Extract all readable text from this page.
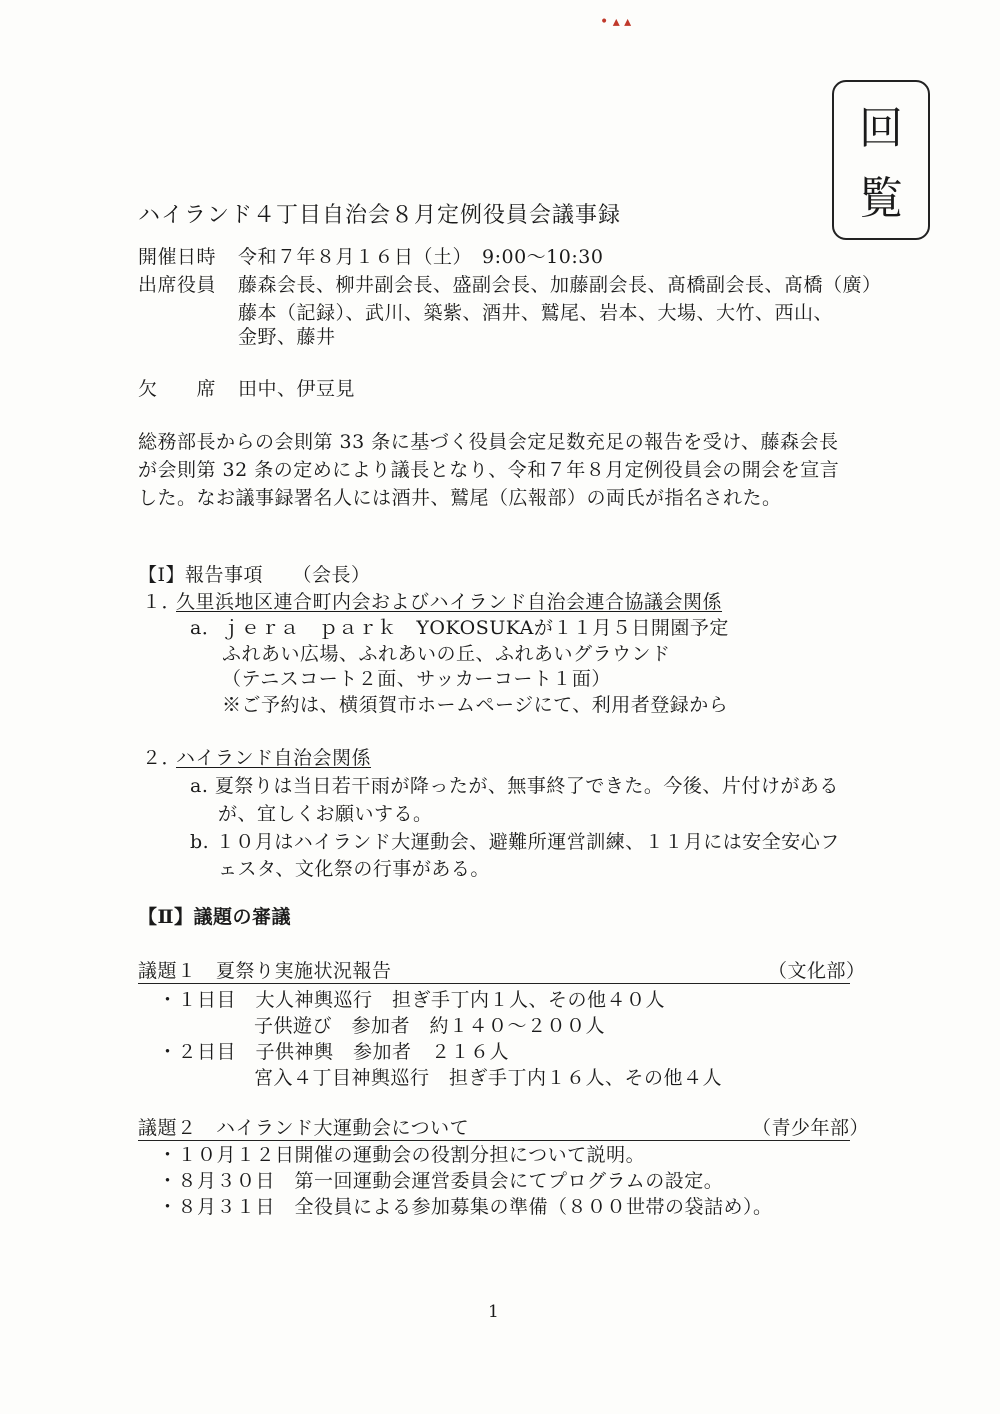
• ▴ ▴
回
覧
ハイランド４丁目自治会８月定例役員会議事録
開催日時 令和７年８月１６日（土）　9:00～10:30
出席役員 藤森会長、柳井副会長、盛副会長、加藤副会長、髙橋副会長、髙橋（廣）
藤本（記録）、武川、築紫、酒井、鷲尾、岩本、大場、大竹、西山、
金野、藤井
欠　　席 田中、伊豆見
総務部長からの会則第 33 条に基づく役員会定足数充足の報告を受け、藤森会長
が会則第 32 条の定めにより議長となり、令和７年８月定例役員会の開会を宣言
した。なお議事録署名人には酒井、鷲尾（広報部）の両氏が指名された。
【Ⅰ】報告事項　　（会長）
１．
久里浜地区連合町内会およびハイランド自治会連合協議会関係
a．ｊｅｒａ　ｐａｒｋ　YOKOSUKAが１１月５日開園予定
ふれあい広場、ふれあいの丘、ふれあいグラウンド
（テニスコート２面、サッカーコート１面）
※ご予約は、横須賀市ホームページにて、利用者登録から
２．
ハイランド自治会関係
a. 夏祭りは当日若干雨が降ったが、無事終了できた。今後、片付けがある
が、宜しくお願いする。
b. １０月はハイランド大運動会、避難所運営訓練、１１月には安全安心フ
ェスタ、文化祭の行事がある。
【Ⅱ】議題の審議
議題１　夏祭り実施状況報告	（文化部）
・１日目　大人神輿巡行　担ぎ手丁内１人、その他４０人
子供遊び　参加者　約１４０～２００人
・２日目　子供神輿　参加者　２１６人
宮入４丁目神輿巡行　担ぎ手丁内１６人、その他４人
議題２　ハイランド大運動会について	（青少年部）
・１０月１２日開催の運動会の役割分担について説明。
・８月３０日　第一回運動会運営委員会にてプログラムの設定。
・８月３１日　全役員による参加募集の準備（８００世帯の袋詰め）。
1
